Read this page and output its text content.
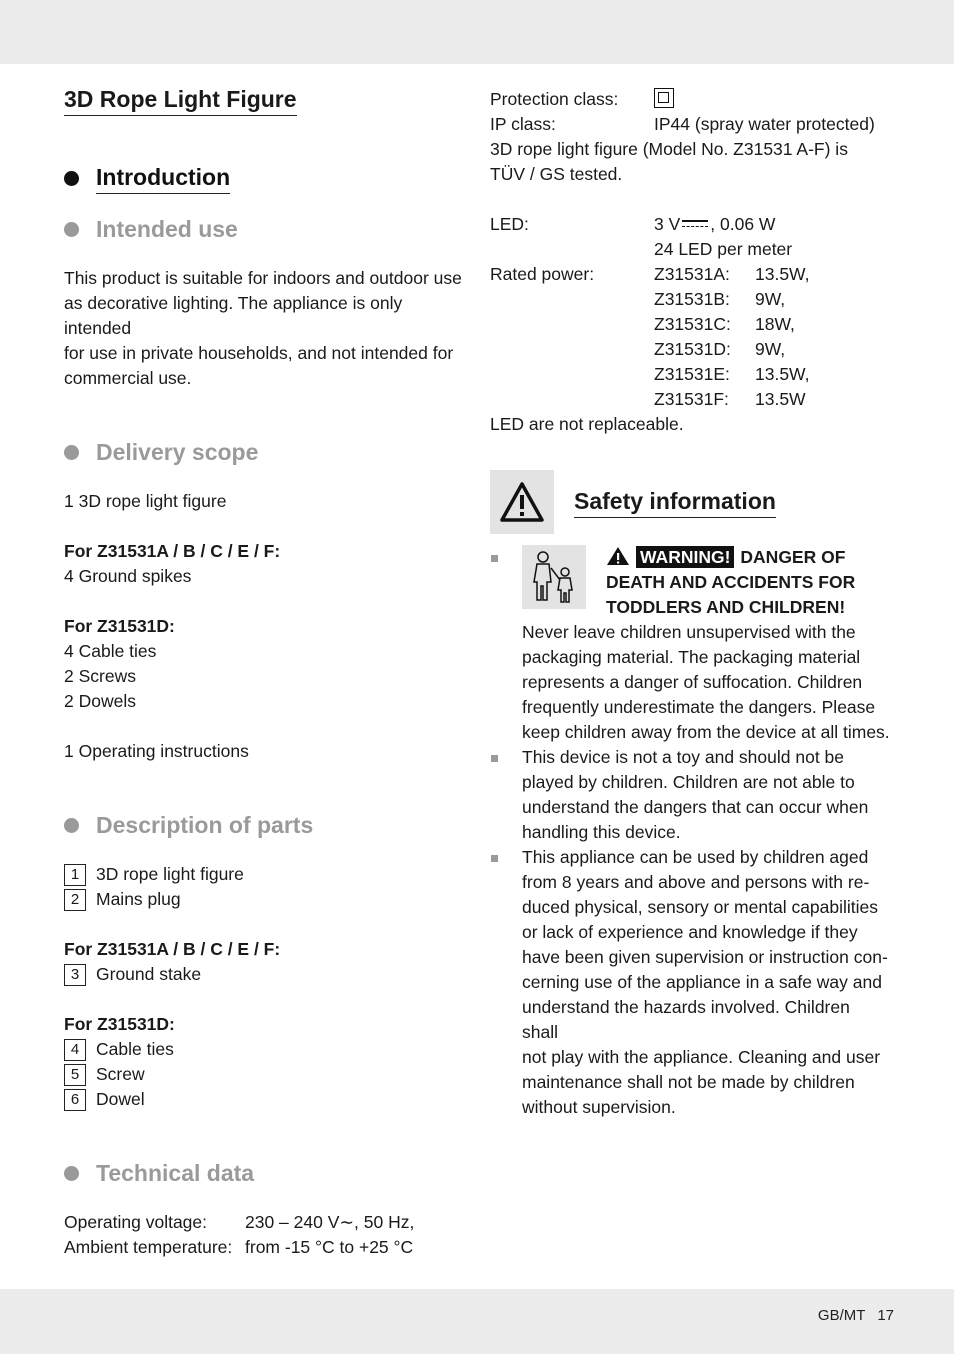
GB/MT 17
3D Rope Light Figure
Introduction
Intended use

This product is suitable for indoors and outdoor use

as decorative lighting. The appliance is only intended

for use in private households, and not intended for

commercial use.

Delivery scope

1 3D rope light figure

For Z31531A / B / C / E / F:

4 Ground spikes

For Z31531D:

4 Cable ties

2 Screws

2 Dowels

1 Operating instructions

Description of parts
1 3D rope light figure
2 Mains plug

For Z31531A / B / C / E / F:

3 Ground stake

For Z31531D:

4 Cable ties
5 Screw
6 Dowel
Technical data
Operating voltage:	230 – 240 V∼, 50 Hz,
Ambient temperature: from -15 °C to +25 °C
Protection class:
IP class:	IP44 (spray water protected)

3D rope light figure (Model No. Z31531 A-F) is

TÜV / GS tested.

LED:	3 V , 0.06 W
24 LED per meter
Rated power:	Z31531A:	13.5W,
Z31531B:	9W,
Z31531C:	18W,
Z31531D:	9W,
Z31531E:	13.5W,
Z31531F:	13.5W

LED are not replaceable.

Safety information
WARNING! DANGER OF
DEATH AND ACCIDENTS FOR
TODDLERS AND CHILDREN!

Never leave children unsupervised with the

packaging material. The packaging material

represents a danger of suffocation. Children

frequently underestimate the dangers. Please

keep children away from the device at all times.

This device is not a toy and should not be

played by children. Children are not able to

understand the dangers that can occur when

handling this device.

This appliance can be used by children aged

from 8 years and above and persons with re-

duced physical, sensory or mental capabilities

or lack of experience and knowledge if they

have been given supervision or instruction con-

cerning use of the appliance in a safe way and

understand the hazards involved. Children shall

not play with the appliance. Cleaning and user

maintenance shall not be made by children

without supervision.
